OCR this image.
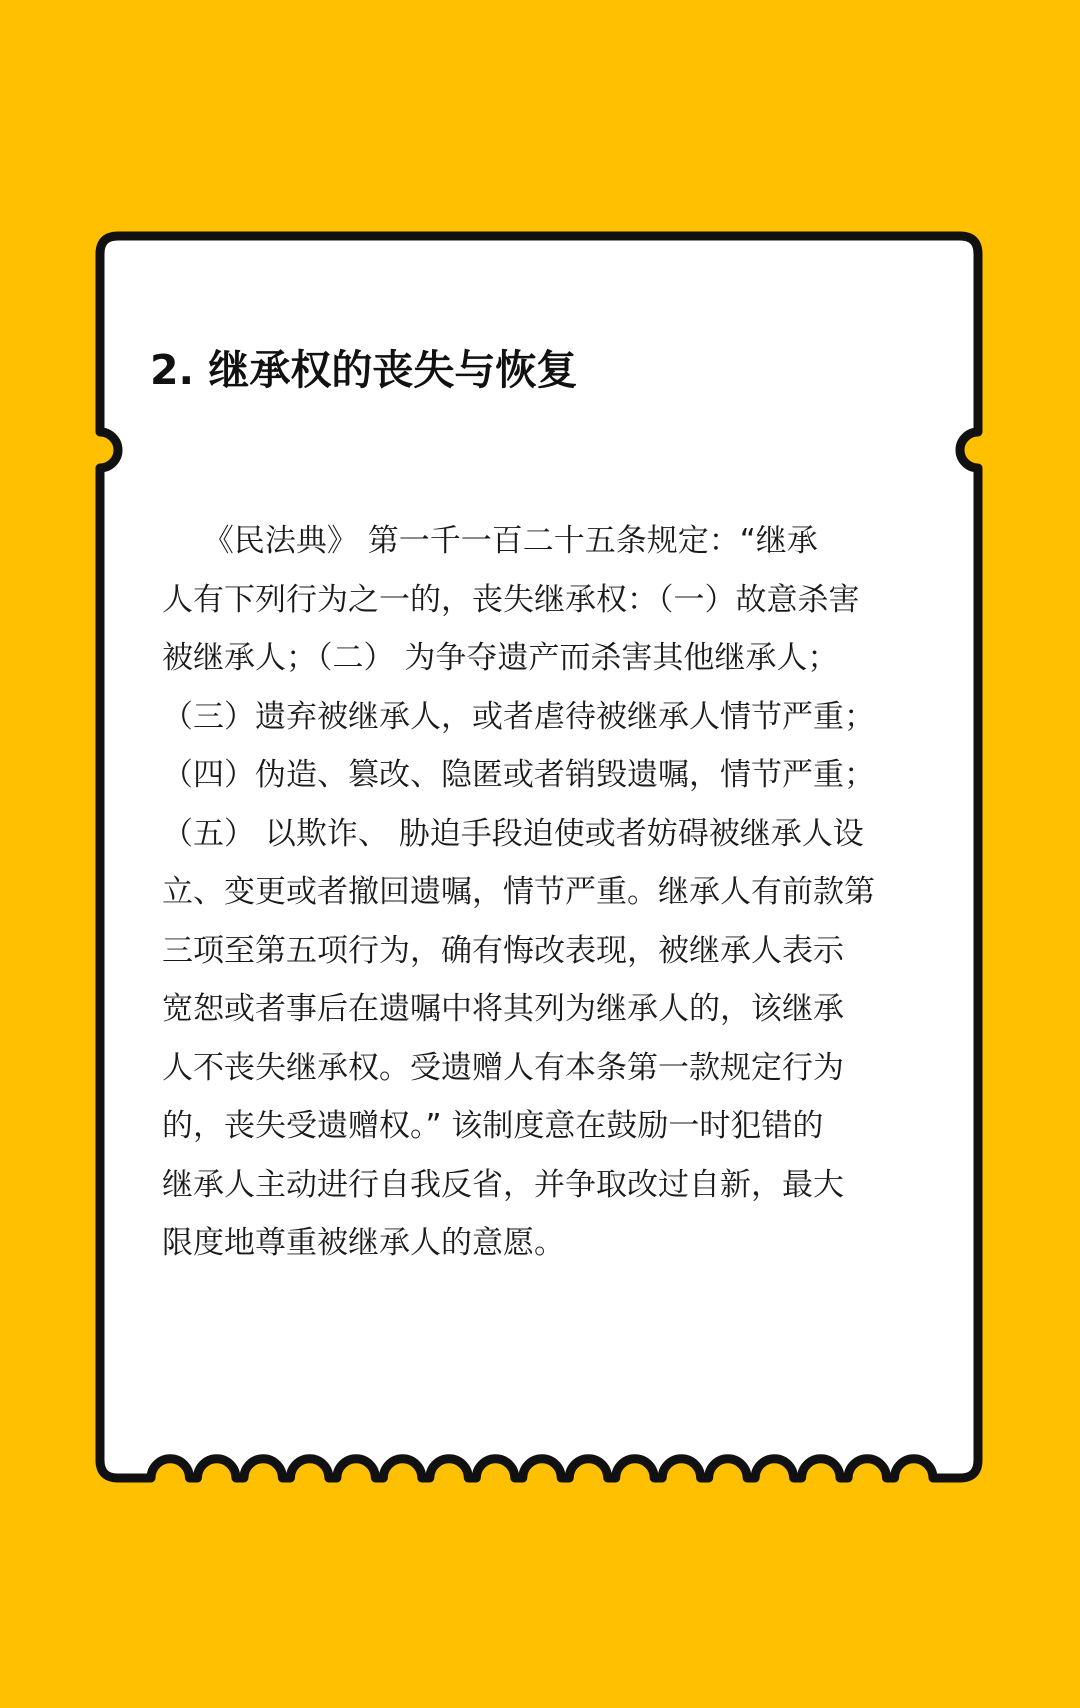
2. 继承权的丧失与恢复
　 《民法典》 第一千一百二十五条规定：“继承
人有下列行为之一的，丧失继承权：（一）故意杀害
被继承人；（二） 为争夺遗产而杀害其他继承人；
（三）遗弃被继承人，或者虐待被继承人情节严重；
（四）伪造、篡改、隐匿或者销毁遗嘱，情节严重；
（五） 以欺诈、 胁迫手段迫使或者妨碍被继承人设
立、变更或者撤回遗嘱，情节严重。继承人有前款第
三项至第五项行为，确有悔改表现，被继承人表示
宽恕或者事后在遗嘱中将其列为继承人的，该继承
人不丧失继承权。受遗赠人有本条第一款规定行为
的，丧失受遗赠权。” 该制度意在鼓励一时犯错的
继承人主动进行自我反省，并争取改过自新，最大
限度地尊重被继承人的意愿。
